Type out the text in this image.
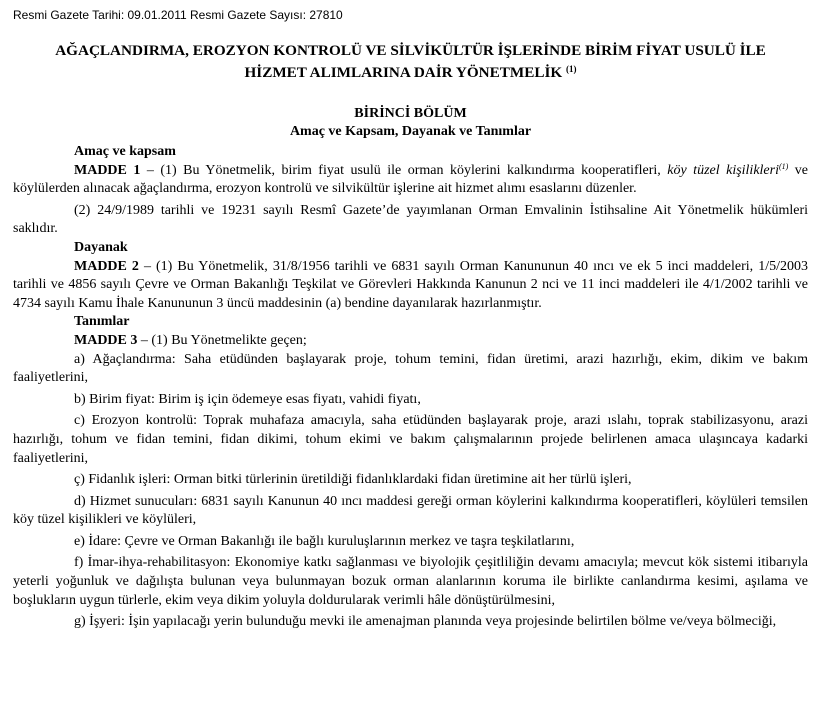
Resmi Gazete Tarihi: 09.01.2011 Resmi Gazete Sayısı: 27810
AĞAÇLANDIRMA, EROZYON KONTROLÜ VE SİLVİKÜLTÜR İŞLERİNDE BİRİM FİYAT USULÜ İLE
HİZMET ALIMLARINA DAİR YÖNETMELİK $^{(1)}$
BİRİNCİ BÖLÜM
Amaç ve Kapsam, Dayanak ve Tanımlar

Amaç ve kapsam

MADDE 1 – (1) Bu Yönetmelik, birim fiyat usulü ile orman köylerini kalkındırma kooperatifleri, köy tüzel kişilikleri$^{(1)}$ ve köylülerden alınacak ağaçlandırma, erozyon kontrolü ve silvikültür işlerine ait hizmet alımı esaslarını düzenler.

(2) 24/9/1989 tarihli ve 19231 sayılı Resmî Gazete’de yayımlanan Orman Emvalinin İstihsaline Ait Yönetmelik hükümleri saklıdır.

Dayanak

MADDE 2 – (1) Bu Yönetmelik, 31/8/1956 tarihli ve 6831 sayılı Orman Kanununun 40 ıncı ve ek 5 inci maddeleri, 1/5/2003 tarihli ve 4856 sayılı Çevre ve Orman Bakanlığı Teşkilat ve Görevleri Hakkında Kanunun 2 nci ve 11 inci maddeleri ile 4/1/2002 tarihli ve 4734 sayılı Kamu İhale Kanununun 3 üncü maddesinin (a) bendine dayanılarak hazırlanmıştır.

Tanımlar

MADDE 3 – (1) Bu Yönetmelikte geçen;

a) Ağaçlandırma: Saha etüdünden başlayarak proje, tohum temini, fidan üretimi, arazi hazırlığı, ekim, dikim ve bakım faaliyetlerini,

b) Birim fiyat: Birim iş için ödemeye esas fiyatı, vahidi fiyatı,

c) Erozyon kontrolü: Toprak muhafaza amacıyla, saha etüdünden başlayarak proje, arazi ıslahı, toprak stabilizasyonu, arazi hazırlığı, tohum ve fidan temini, fidan dikimi, tohum ekimi ve bakım çalışmalarının projede belirlenen amaca ulaşıncaya kadarki faaliyetlerini,

ç) Fidanlık işleri: Orman bitki türlerinin üretildiği fidanlıklardaki fidan üretimine ait her türlü işleri,

d) Hizmet sunucuları: 6831 sayılı Kanunun 40 ıncı maddesi gereği orman köylerini kalkındırma kooperatifleri, köylüleri temsilen köy tüzel kişilikleri ve köylüleri,

e) İdare: Çevre ve Orman Bakanlığı ile bağlı kuruluşlarının merkez ve taşra teşkilatlarını,

f) İmar-ihya-rehabilitasyon: Ekonomiye katkı sağlanması ve biyolojik çeşitliliğin devamı amacıyla; mevcut kök sistemi itibarıyla yeterli yoğunluk ve dağılışta bulunan veya bulunmayan bozuk orman alanlarının koruma ile birlikte canlandırma kesimi, aşılama ve boşlukların uygun türlerle, ekim veya dikim yoluyla doldurularak verimli hâle dönüştürülmesini,

g) İşyeri: İşin yapılacağı yerin bulunduğu mevki ile amenajman planında veya projesinde belirtilen bölme ve/veya bölmeciği,
